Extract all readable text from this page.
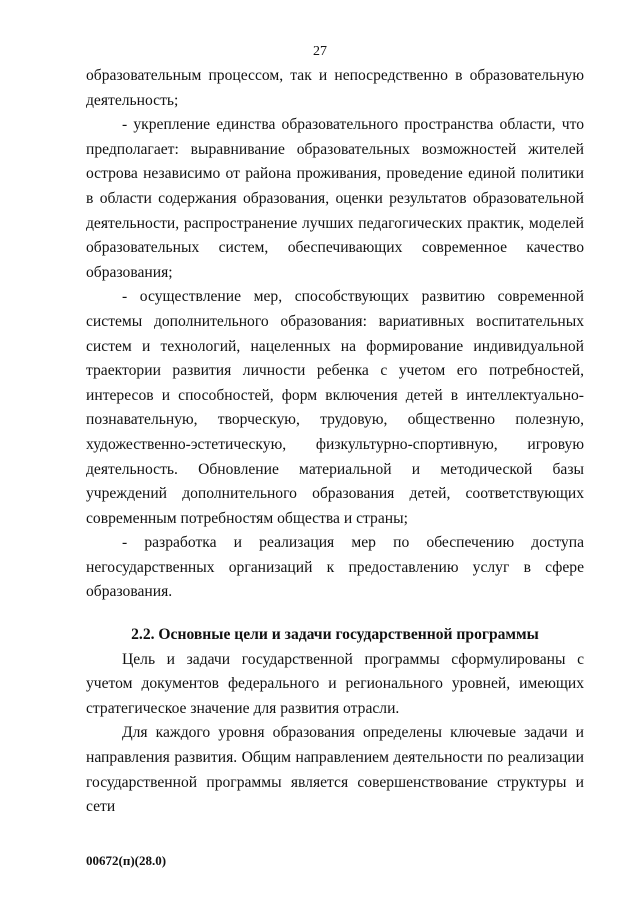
27

образовательным процессом, так и непосредственно в образовательную деятельность;

- укрепление единства образовательного пространства области, что предполагает: выравнивание образовательных возможностей жителей острова независимо от района проживания, проведение единой политики в области содержания образования, оценки результатов образовательной деятельности, распространение лучших педагогических практик, моделей образовательных систем, обеспечивающих современное качество образования;

- осуществление мер, способствующих развитию современной системы дополнительного образования: вариативных воспитательных систем и технологий, нацеленных на формирование индивидуальной траектории развития личности ребенка с учетом его потребностей, интересов и способностей, форм включения детей в интеллектуально-познавательную, творческую, трудовую, общественно полезную, художественно-эстетическую, физкультурно-спортивную, игровую деятельность. Обновление материальной и методической базы учреждений дополнительного образования детей, соответствующих современным потребностям общества и страны;

- разработка и реализация мер по обеспечению доступа негосударственных организаций к предоставлению услуг в сфере образования.

2.2. Основные цели и задачи государственной программы

Цель и задачи государственной программы сформулированы с учетом документов федерального и регионального уровней, имеющих стратегическое значение для развития отрасли.

Для каждого уровня образования определены ключевые задачи и направления развития. Общим направлением деятельности по реализации государственной программы является совершенствование структуры и сети

00672(п)(28.0)
